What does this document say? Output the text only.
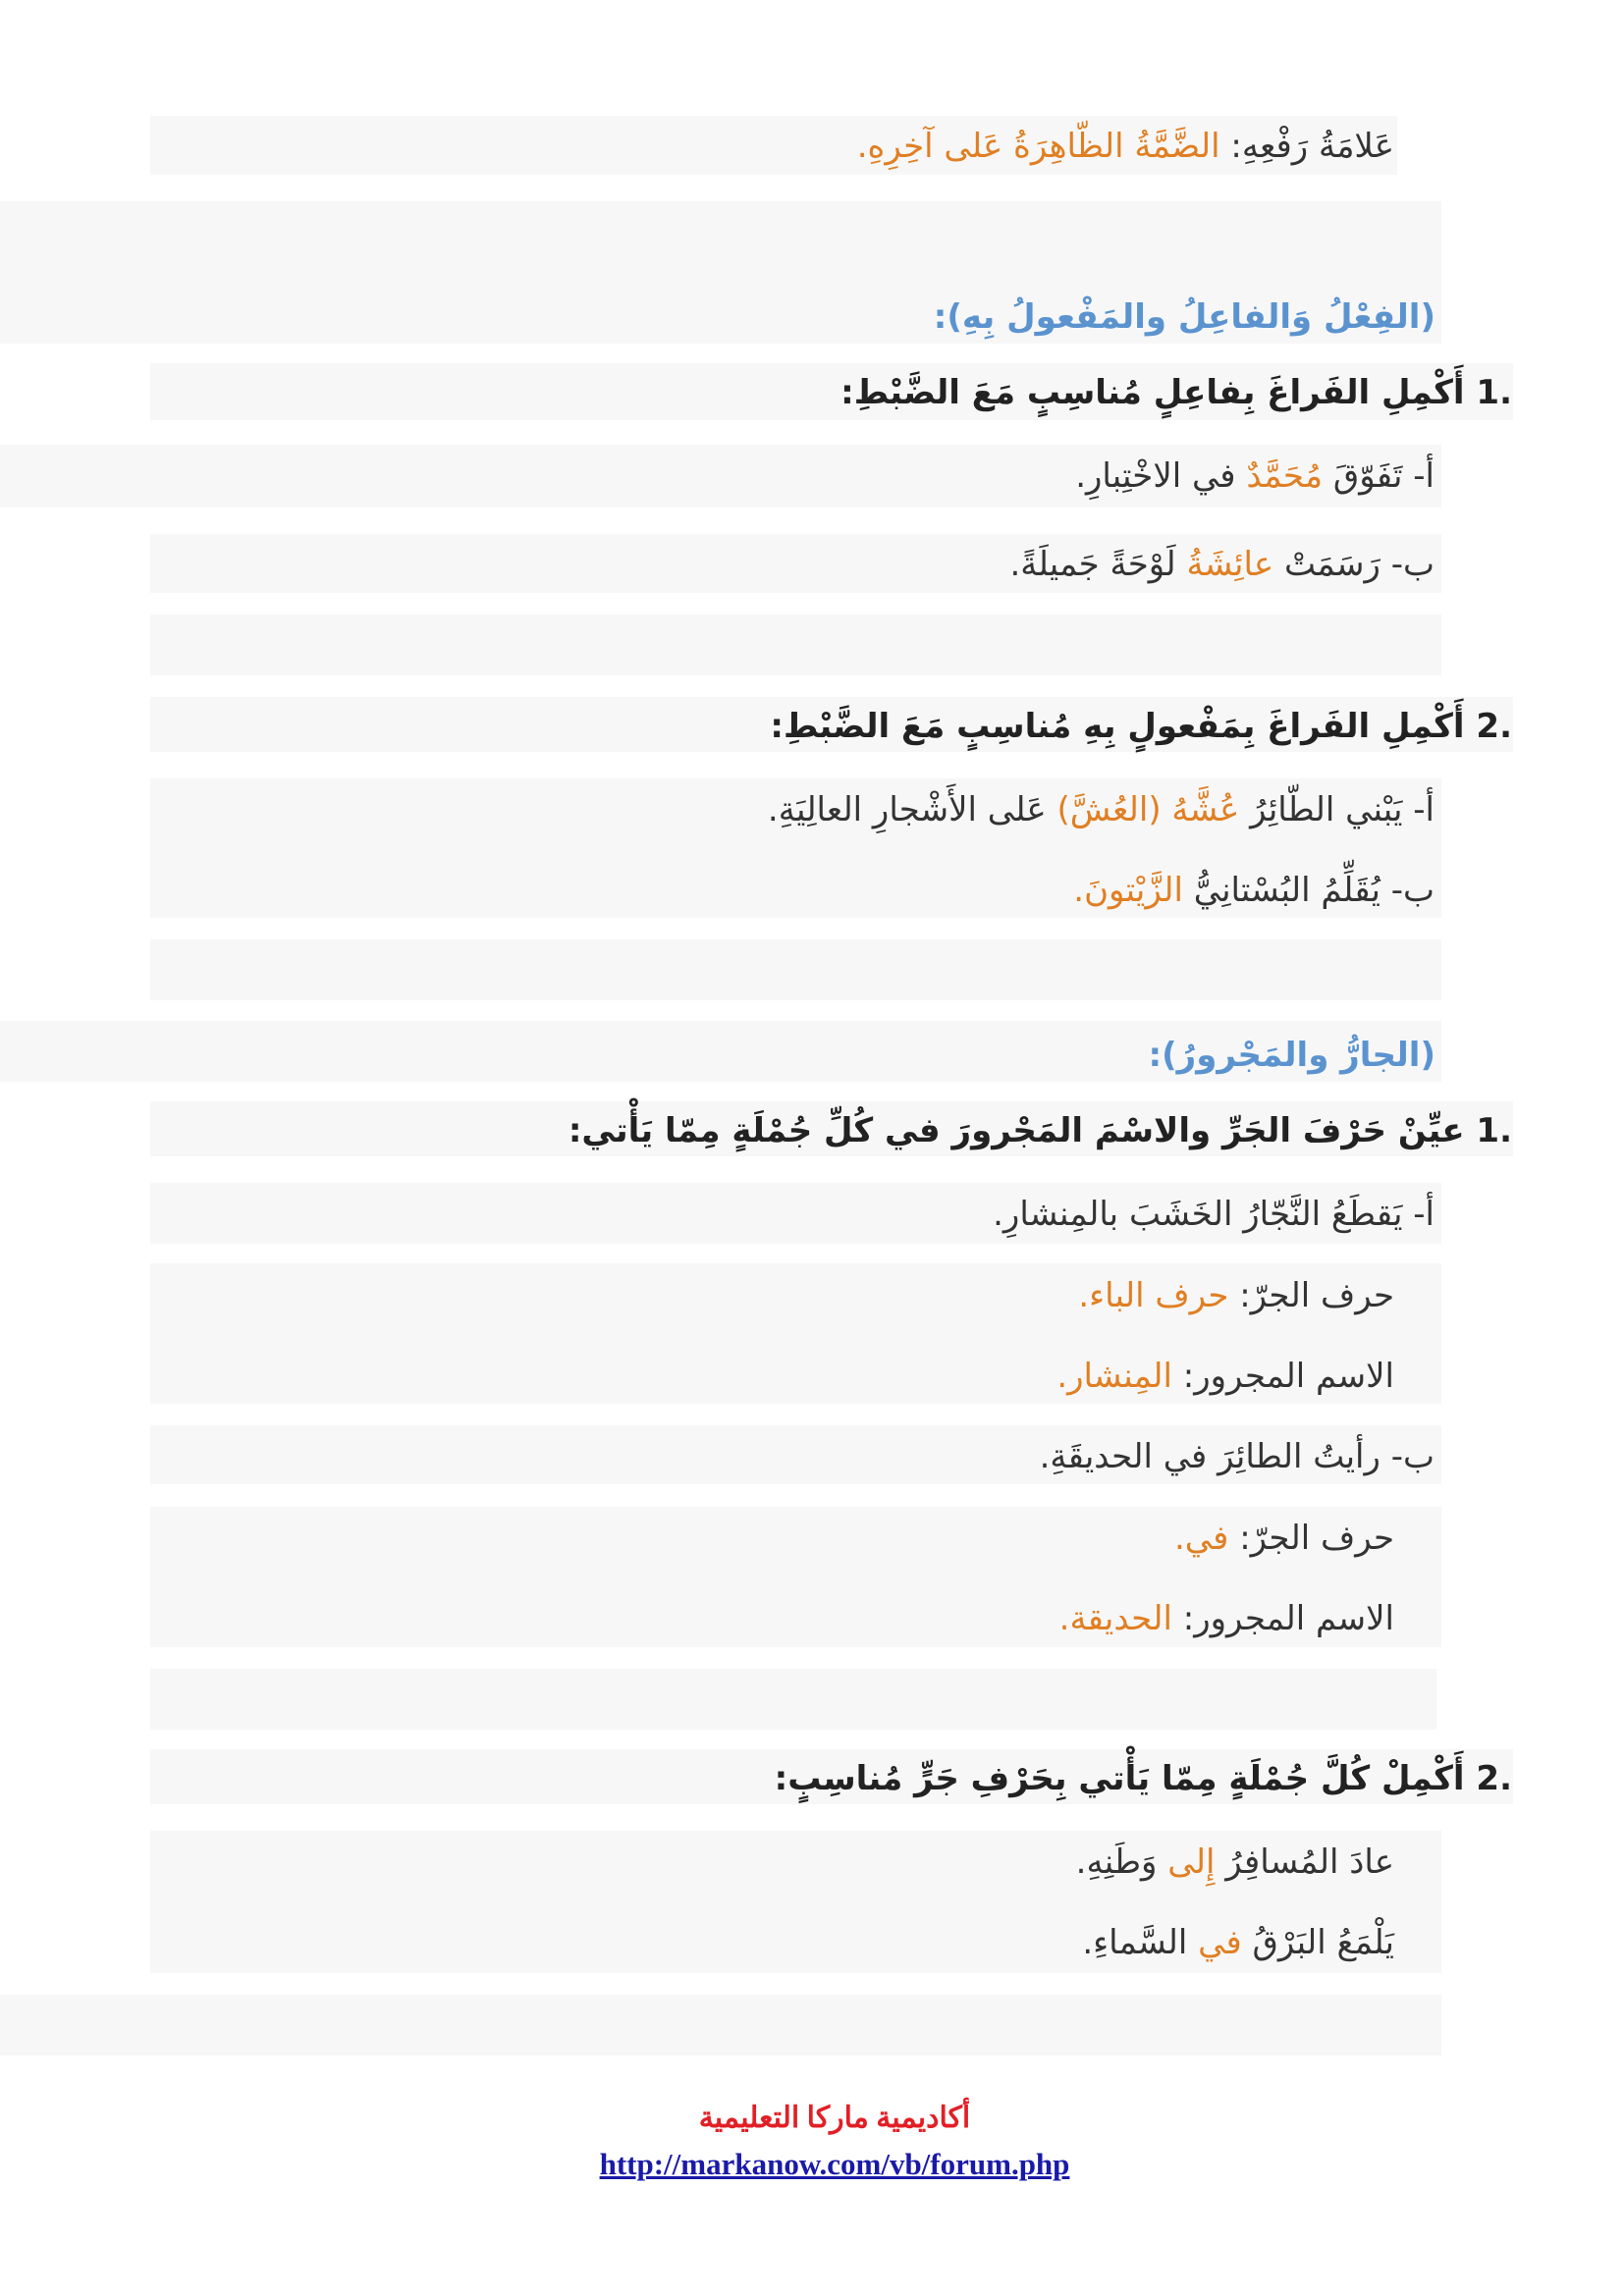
عَلامَةُ رَفْعِهِ: الضَّمَّةُ الظّاهِرَةُ عَلى آخِرِهِ.
(الفِعْلُ وَالفاعِلُ والمَفْعولُ بِهِ):
.1 أَكْمِلِ الفَراغَ بِفاعِلٍ مُناسِبٍ مَعَ الضَّبْطِ:
أ- تَفَوّقَ مُحَمَّدٌ في الاخْتِبارِ.
ب- رَسَمَتْ عائِشَةُ لَوْحَةً جَميلَةً.
.2 أَكْمِلِ الفَراغَ بِمَفْعولٍ بِهِ مُناسِبٍ مَعَ الضَّبْطِ:
أ- يَبْني الطّائِرُ عُشَّهُ (العُشَّ) عَلى الأَشْجارِ العالِيَةِ.
ب- يُقَلِّمُ البُسْتانِيُّ الزَّيْتونَ.
(الجارُّ والمَجْرورُ):
.1 عيِّنْ حَرْفَ الجَرِّ والاسْمَ المَجْرورَ في كُلِّ جُمْلَةٍ مِمّا يَأْتي:
أ- يَقطَعُ النَّجّارُ الخَشَبَ بالمِنشارِ.
حرف الجرّ: حرف الباء.
الاسم المجرور: المِنشار.
ب- رأيتُ الطائِرَ في الحديقَةِ.
حرف الجرّ: في.
الاسم المجرور: الحديقة.
.2 أَكْمِلْ كُلَّ جُمْلَةٍ مِمّا يَأْتي بِحَرْفِ جَرٍّ مُناسِبٍ:
عادَ المُسافِرُ إِلى وَطَنِهِ.
يَلْمَعُ البَرْقُ في السَّماءِ.
أكاديمية ماركا التعليمية
http://markanow.com/vb/forum.php
